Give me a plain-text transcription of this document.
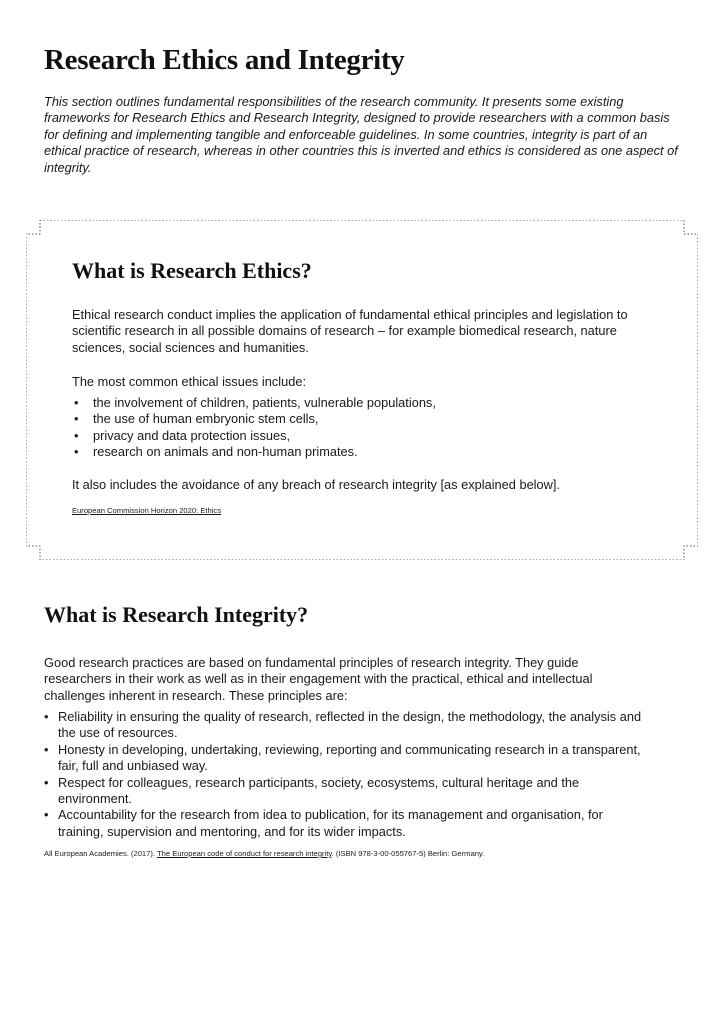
Research Ethics and Integrity

This section outlines fundamental responsibilities of the research community. It presents some existing frameworks for Research Ethics and Research Integrity, designed to provide researchers with a common basis for defining and implementing tangible and enforceable guidelines. In some countries, integrity is part of an ethical practice of research, whereas in other countries this is inverted and ethics is considered as one aspect of integrity.

What is Research Ethics?

Ethical research conduct implies the application of fundamental ethical principles and legislation to scientific research in all possible domains of research – for example biomedical research, nature sciences, social sciences and humanities.

The most common ethical issues include:

• the involvement of children, patients, vulnerable populations,
• the use of human embryonic stem cells,
• privacy and data protection issues,
• research on animals and non-human primates.

It also includes the avoidance of any breach of research integrity [as explained below].

European Commission Horizon 2020: Ethics
What is Research Integrity?

Good research practices are based on fundamental principles of research integrity. They guide researchers in their work as well as in their engagement with the practical, ethical and intellectual challenges inherent in research. These principles are:

• Reliability in ensuring the quality of research, reflected in the design, the methodology, the analysis and the use of resources.
• Honesty in developing, undertaking, reviewing, reporting and communicating research in a transparent, fair, full and unbiased way.
• Respect for colleagues, research participants, society, ecosystems, cultural heritage and the environment.
• Accountability for the research from idea to publication, for its management and organisation, for training, supervision and mentoring, and for its wider impacts.

All European Academies. (2017). The European code of conduct for research integrity. (ISBN 978-3-00-055767-5) Berlin: Germany.
